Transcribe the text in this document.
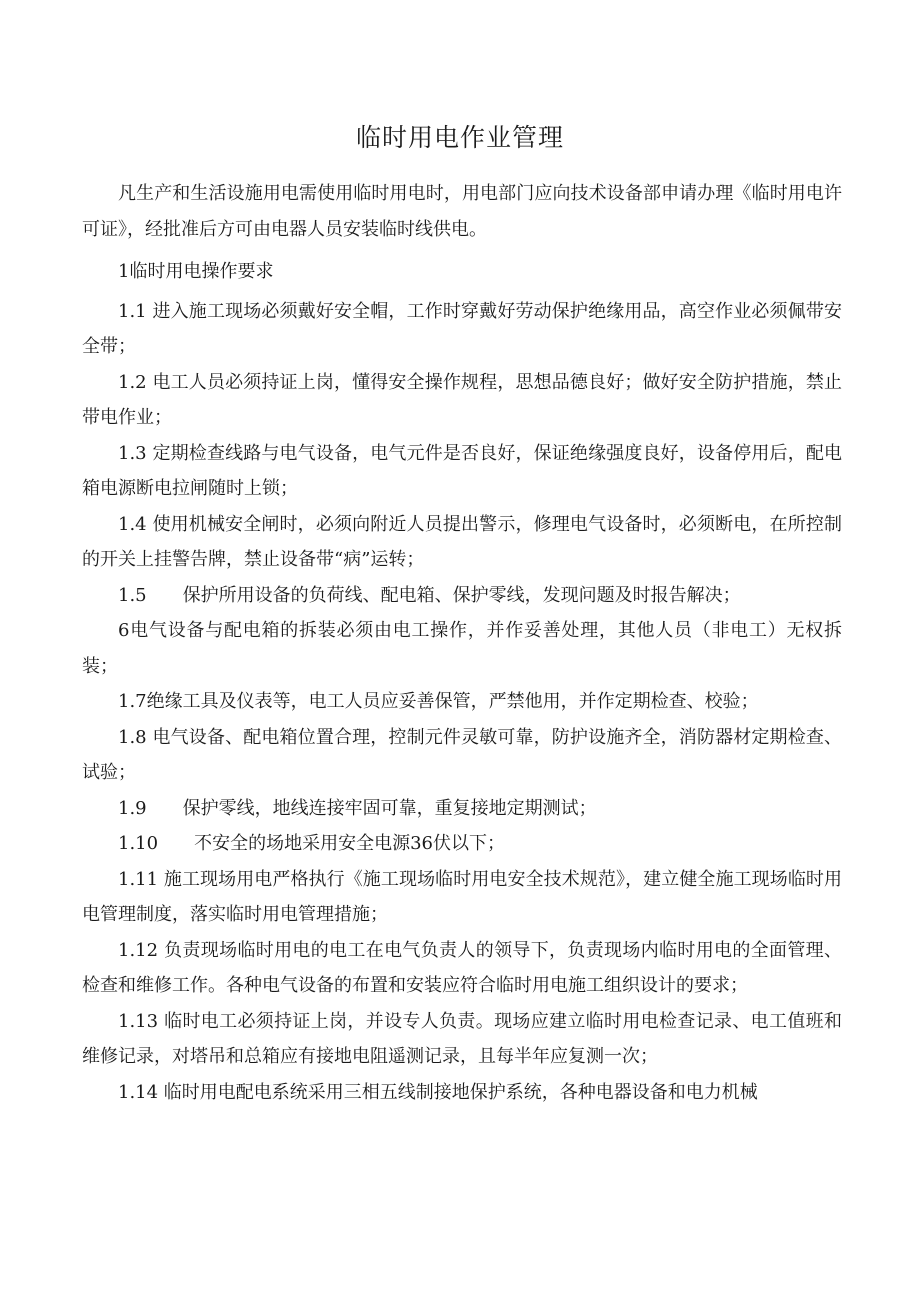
临时用电作业管理

凡生产和生活设施用电需使用临时用电时，用电部门应向技术设备部申请办理《临时用电许可证》，经批准后方可由电器人员安装临时线供电。

1临时用电操作要求

1.1 进入施工现场必须戴好安全帽，工作时穿戴好劳动保护绝缘用品，高空作业必须佩带安全带；

1.2 电工人员必须持证上岗，懂得安全操作规程，思想品德良好；做好安全防护措施，禁止带电作业；

1.3 定期检查线路与电气设备，电气元件是否良好，保证绝缘强度良好，设备停用后，配电箱电源断电拉闸随时上锁；

1.4 使用机械安全闸时，必须向附近人员提出警示，修理电气设备时，必须断电，在所控制的开关上挂警告牌，禁止设备带“病”运转；

1.5　　保护所用设备的负荷线、配电箱、保护零线，发现问题及时报告解决；

6电气设备与配电箱的拆装必须由电工操作，并作妥善处理，其他人员（非电工）无权拆装；

1.7绝缘工具及仪表等，电工人员应妥善保管，严禁他用，并作定期检查、校验；

1.8 电气设备、配电箱位置合理，控制元件灵敏可靠，防护设施齐全，消防器材定期检查、试验；

1.9　　保护零线，地线连接牢固可靠，重复接地定期测试；

1.10　　不安全的场地采用安全电源36伏以下；

1.11 施工现场用电严格执行《施工现场临时用电安全技术规范》，建立健全施工现场临时用电管理制度，落实临时用电管理措施；

1.12 负责现场临时用电的电工在电气负责人的领导下，负责现场内临时用电的全面管理、检查和维修工作。各种电气设备的布置和安装应符合临时用电施工组织设计的要求；

1.13 临时电工必须持证上岗，并设专人负责。现场应建立临时用电检查记录、电工值班和维修记录，对塔吊和总箱应有接地电阻遥测记录，且每半年应复测一次；

1.14 临时用电配电系统采用三相五线制接地保护系统，各种电器设备和电力机械
